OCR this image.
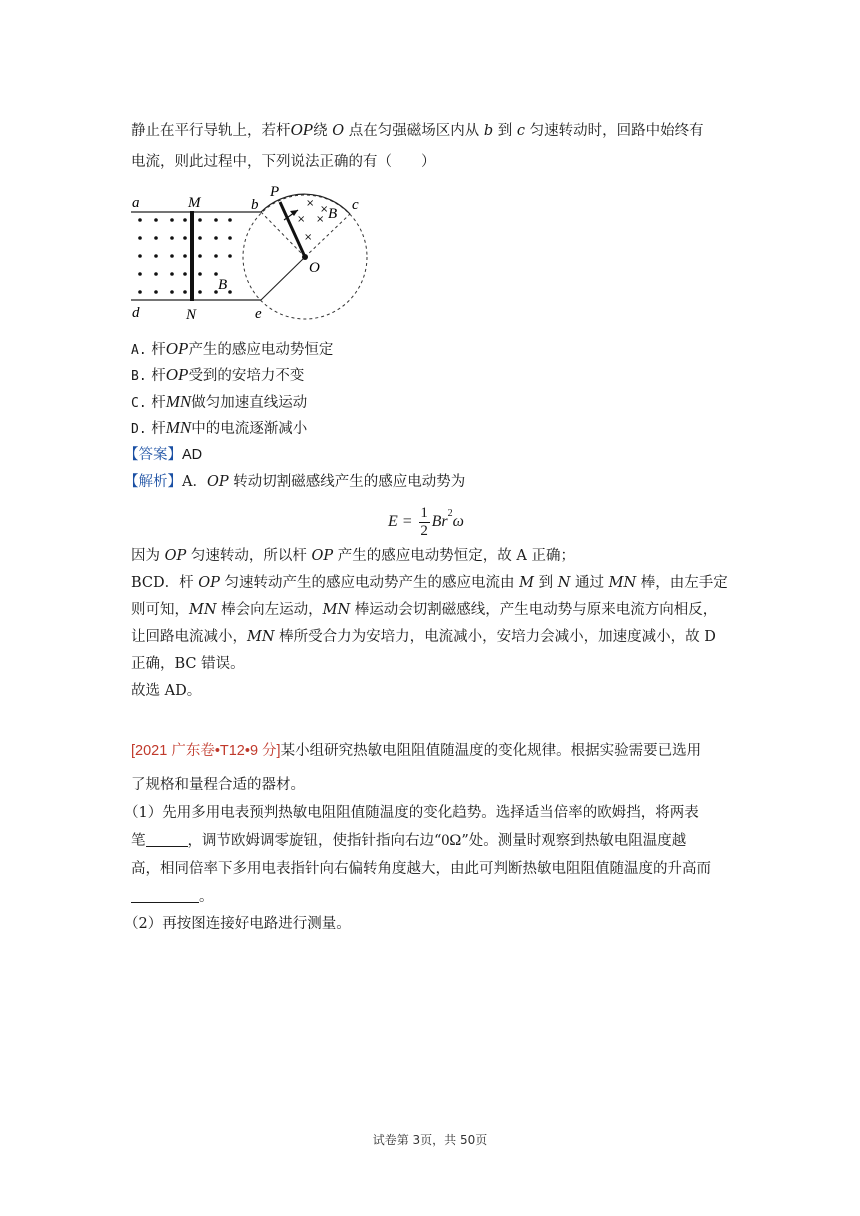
静止在平行导轨上，若杆OP绕 O 点在匀强磁场区内从 b 到 c 匀速转动时，回路中始终有
电流，则此过程中，下列说法正确的有（　　）
×
×
× ×
×
a	M	b
P
c
B
O
B
d	N	e
A. 杆OP产生的感应电动势恒定
B. 杆OP受到的安培力不变
C. 杆MN做匀加速直线运动
D. 杆MN中的电流逐渐减小
【答案】AD
【解析】A．OP 转动切割磁感线产生的感应电动势为
E =
1
2
Br$^2$ ω
因为 OP 匀速转动，所以杆 OP 产生的感应电动势恒定，故 A 正确；
BCD．杆 OP 匀速转动产生的感应电动势产生的感应电流由 M 到 N 通过 MN 棒，由左手定
则可知，MN 棒会向左运动，MN 棒运动会切割磁感线，产生电动势与原来电流方向相反，
让回路电流减小，MN 棒所受合力为安培力，电流减小，安培力会减小，加速度减小，故 D
正确，BC 错误。
故选 AD。
[2021 广东卷•T12•9 分]某小组研究热敏电阻阻值随温度的变化规律。根据实验需要已选用
了规格和量程合适的器材。
（1）先用多用电表预判热敏电阻阻值随温度的变化趋势。选择适当倍率的欧姆挡，将两表
笔	，调节欧姆调零旋钮，使指针指向右边“0Ω”处。测量时观察到热敏电阻温度越
高，相同倍率下多用电表指针向右偏转角度越大，由此可判断热敏电阻阻值随温度的升高而
。
（2）再按图连接好电路进行测量。
试卷第 3页，共 50页
